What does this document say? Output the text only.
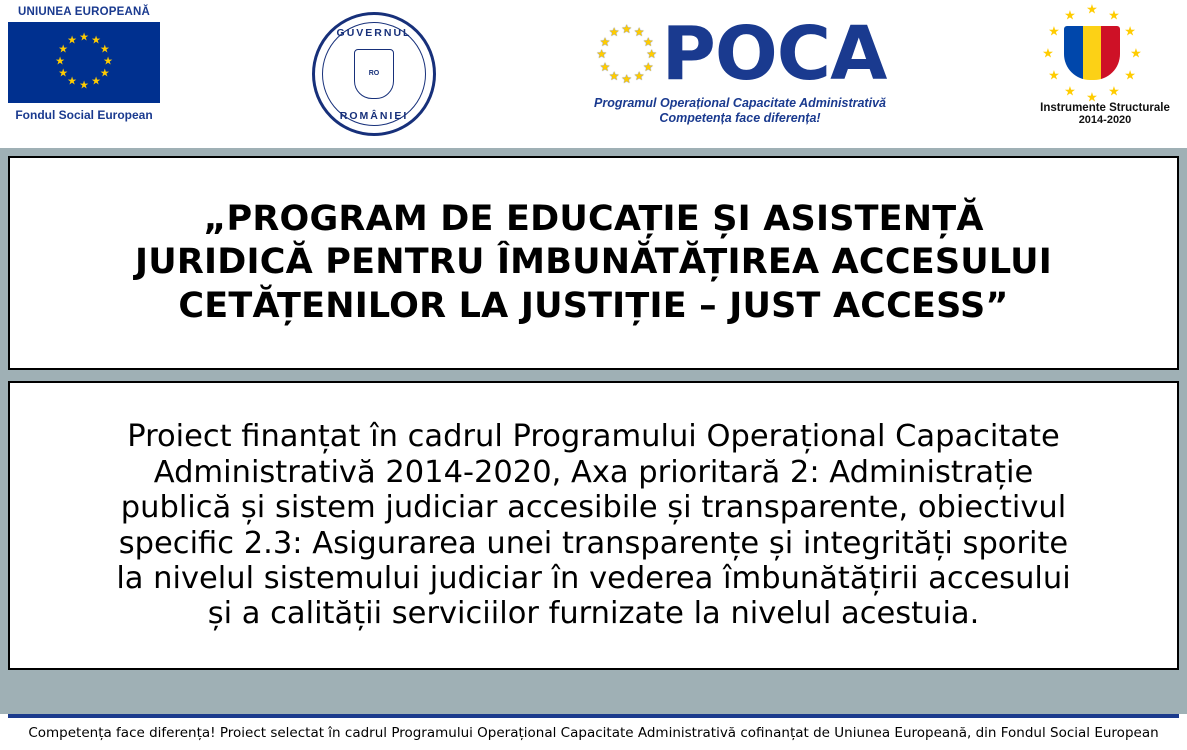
UNIUNEA EUROPEANĂ
★ ★
★
★
★
★
★
★
★
★
★
★
Fondul Social European
GUVERNUL
RO
ROMÂNIEI
★ ★
★
★
★
★
★
★
★
★
★
★ POCA
Programul Operațional Capacitate Administrativă
Competența face diferența!
★ ★
★
★
★
★
★
★
★
★
★
★
Instrumente Structurale
2014-2020
„PROGRAM DE EDUCAȚIE ȘI ASISTENȚĂ
JURIDICĂ PENTRU ÎMBUNĂTĂȚIREA ACCESULUI
CETĂȚENILOR LA JUSTIȚIE – JUST ACCESS”
Proiect finanțat în cadrul Programului Operațional Capacitate
Administrativă 2014-2020, Axa prioritară 2: Administrație
publică și sistem judiciar accesibile și transparente, obiectivul
specific 2.3: Asigurarea unei transparențe și integrități sporite
la nivelul sistemului judiciar în vederea îmbunătățirii accesului
și a calității serviciilor furnizate la nivelul acestuia.
Competența face diferența! Proiect selectat în cadrul Programului Operațional Capacitate Administrativă cofinanțat de Uniunea Europeană, din Fondul Social European
